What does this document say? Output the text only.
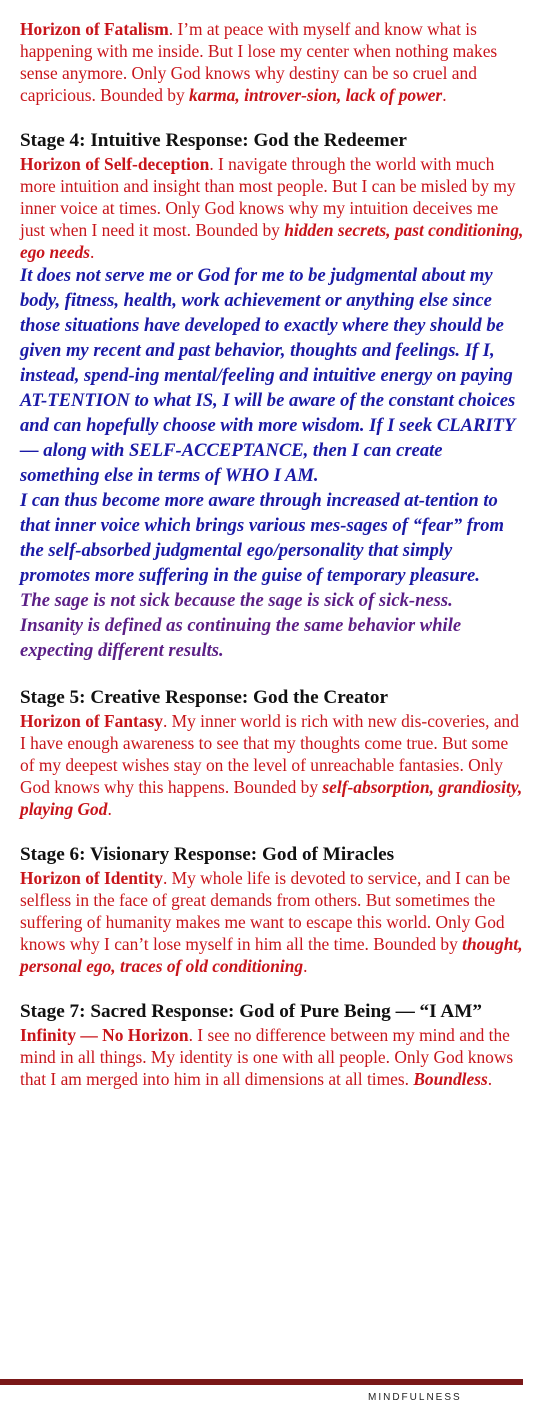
Horizon of Fatalism. I’m at peace with myself and know what is happening with me inside. But I lose my center when nothing makes sense anymore. Only God knows why destiny can be so cruel and capricious. Bounded by karma, introver-sion, lack of power.

Stage 4: Intuitive Response: God the Redeemer

Horizon of Self-deception. I navigate through the world with much more intuition and insight than most people. But I can be misled by my inner voice at times. Only God knows why my intuition deceives me just when I need it most. Bounded by hidden secrets, past conditioning, ego needs.

It does not serve me or God for me to be judgmental about my body, fitness, health, work achievement or anything else since those situations have developed to exactly where they should be given my recent and past behavior, thoughts and feelings. If I, instead, spend-ing mental/feeling and intuitive energy on paying AT-TENTION to what IS, I will be aware of the constant choices and can hopefully choose with more wisdom. If I seek CLARITY — along with SELF-ACCEPTANCE, then I can create something else in terms of WHO I AM.

I can thus become more aware through increased at-tention to that inner voice which brings various mes-sages of “fear” from the self-absorbed judgmental ego/personality that simply promotes more suffering in the guise of temporary pleasure.

The sage is not sick because the sage is sick of sick-ness.

Insanity is defined as continuing the same behavior while expecting different results.

Stage 5: Creative Response: God the Creator

Horizon of Fantasy. My inner world is rich with new dis-coveries, and I have enough awareness to see that my thoughts come true. But some of my deepest wishes stay on the level of unreachable fantasies. Only God knows why this happens. Bounded by self-absorption, grandiosity, playing God.

Stage 6: Visionary Response: God of Miracles

Horizon of Identity. My whole life is devoted to service, and I can be selfless in the face of great demands from others. But sometimes the suffering of humanity makes me want to escape this world. Only God knows why I can’t lose myself in him all the time. Bounded by thought, personal ego, traces of old conditioning.

Stage 7: Sacred Response: God of Pure Being — “I AM”

Infinity — No Horizon. I see no difference between my mind and the mind in all things. My identity is one with all people. Only God knows that I am merged into him in all dimensions at all times. Boundless.

MINDFULNESS
